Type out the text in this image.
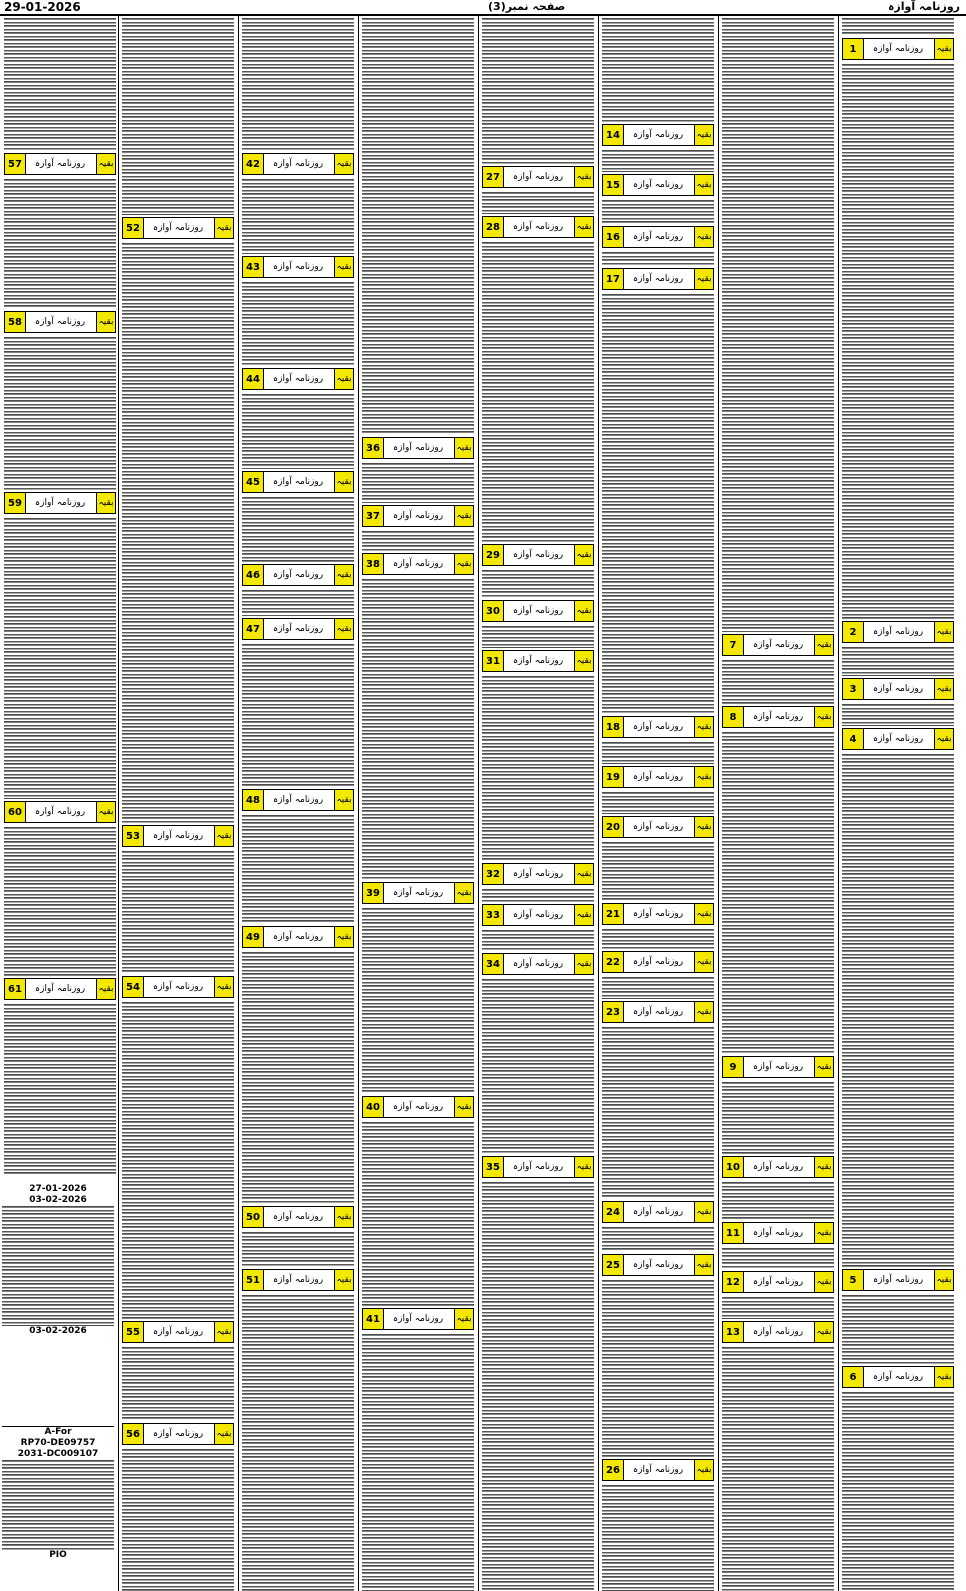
29-01-2026	صفحہ نمبر(3)	روزنامہ آوازہ
1	روزنامہ آوازہ	بقیہ
2	روزنامہ آوازہ	بقیہ
3	روزنامہ آوازہ	بقیہ
4	روزنامہ آوازہ	بقیہ
5	روزنامہ آوازہ	بقیہ
6	روزنامہ آوازہ	بقیہ
7	روزنامہ آوازہ	بقیہ
8	روزنامہ آوازہ	بقیہ
9	روزنامہ آوازہ	بقیہ
10	روزنامہ آوازہ	بقیہ
11	روزنامہ آوازہ	بقیہ
12	روزنامہ آوازہ	بقیہ
13	روزنامہ آوازہ	بقیہ
14	روزنامہ آوازہ	بقیہ
15	روزنامہ آوازہ	بقیہ
16	روزنامہ آوازہ	بقیہ
17	روزنامہ آوازہ	بقیہ
18	روزنامہ آوازہ	بقیہ
19	روزنامہ آوازہ	بقیہ
20	روزنامہ آوازہ	بقیہ
21	روزنامہ آوازہ	بقیہ
22	روزنامہ آوازہ	بقیہ
23	روزنامہ آوازہ	بقیہ
24	روزنامہ آوازہ	بقیہ
25	روزنامہ آوازہ	بقیہ
26	روزنامہ آوازہ	بقیہ
27	روزنامہ آوازہ	بقیہ
28	روزنامہ آوازہ	بقیہ
29	روزنامہ آوازہ	بقیہ
30	روزنامہ آوازہ	بقیہ
31	روزنامہ آوازہ	بقیہ
32	روزنامہ آوازہ	بقیہ
33	روزنامہ آوازہ	بقیہ
34	روزنامہ آوازہ	بقیہ
35	روزنامہ آوازہ	بقیہ
36	روزنامہ آوازہ	بقیہ
37	روزنامہ آوازہ	بقیہ
38	روزنامہ آوازہ	بقیہ
39	روزنامہ آوازہ	بقیہ
40	روزنامہ آوازہ	بقیہ
41	روزنامہ آوازہ	بقیہ
42	روزنامہ آوازہ	بقیہ
43	روزنامہ آوازہ	بقیہ
44	روزنامہ آوازہ	بقیہ
45	روزنامہ آوازہ	بقیہ
46	روزنامہ آوازہ	بقیہ
47	روزنامہ آوازہ	بقیہ
48	روزنامہ آوازہ	بقیہ
49	روزنامہ آوازہ	بقیہ
50	روزنامہ آوازہ	بقیہ
51	روزنامہ آوازہ	بقیہ
52	روزنامہ آوازہ	بقیہ
53	روزنامہ آوازہ	بقیہ
54	روزنامہ آوازہ	بقیہ
55	روزنامہ آوازہ	بقیہ
56	روزنامہ آوازہ	بقیہ
57	روزنامہ آوازہ	بقیہ
58	روزنامہ آوازہ	بقیہ
59	روزنامہ آوازہ	بقیہ
60	روزنامہ آوازہ	بقیہ
61	روزنامہ آوازہ	بقیہ
27-01-2026
03-02-2026
03-02-2026
A-For
RP70-DE09757
2031-DC009107
PIO
